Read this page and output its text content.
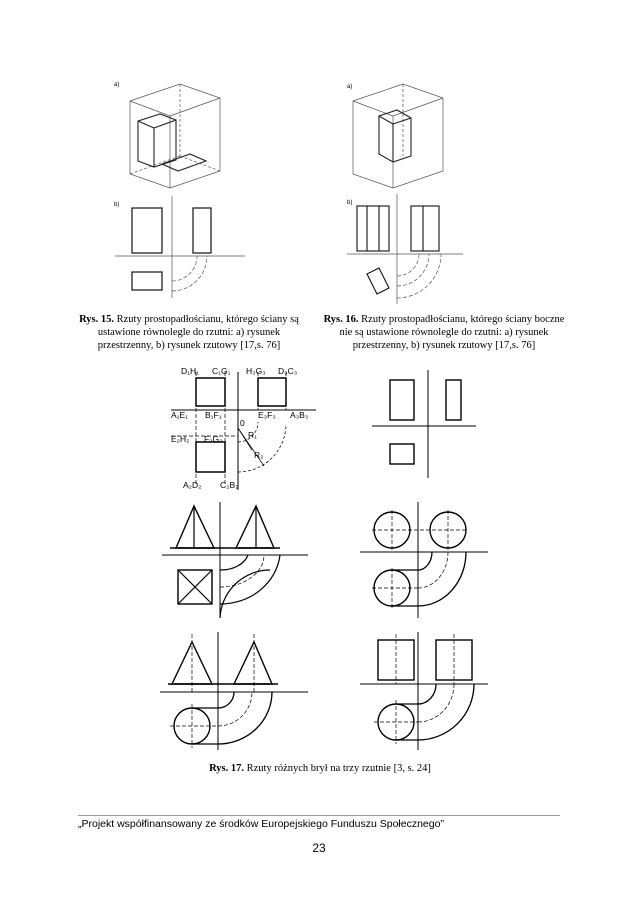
a)
b)
Rys. 15. Rzuty prostopadłościanu, którego ściany są ustawione równolegle do rzutni: a) rysunek przestrzenny, b) rysunek rzutowy [17,s. 76]
a)
b)
Rys. 16. Rzuty prostopadłościanu, którego ściany boczne nie są ustawione równolegle do rzutni: a) rysunek przestrzenny, b) rysunek rzutowy [17,s. 76]
D₁H₁ C₁G₁ H₃G₃ D₃C₃
A₁E₁ B₁F₁	E₃F₃ A₃B₃
E₂H₂ F₂G₂
A₂D₂ C₂B₂
0
R₁
R₂
Rys. 17. Rzuty różnych brył na trzy rzutnie [3, s. 24]
„Projekt współfinansowany ze środków Europejskiego Funduszu Społecznego”
23
